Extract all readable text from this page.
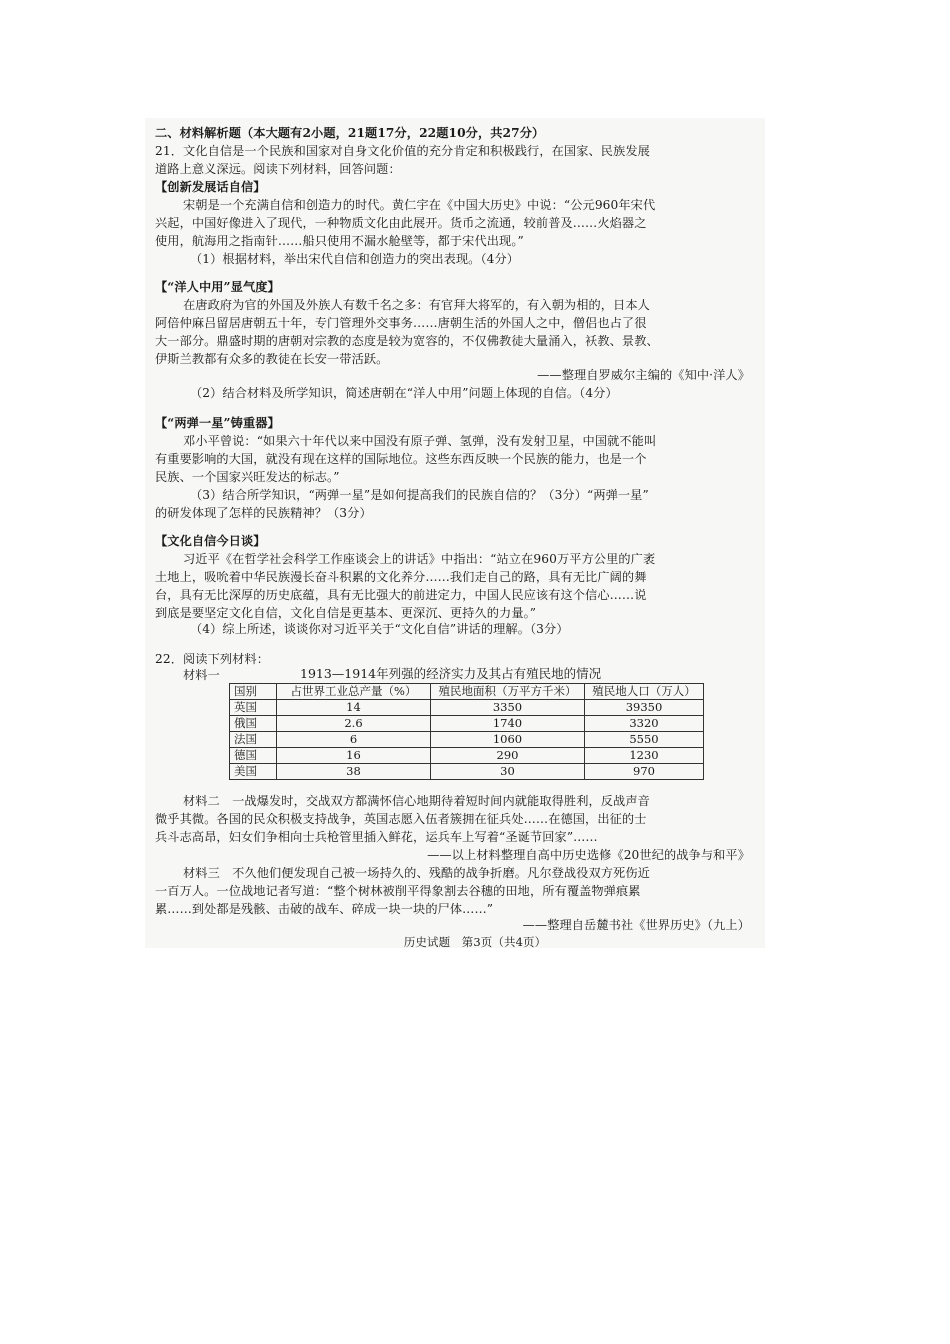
二、材料解析题（本大题有2小题，21题17分，22题10分，共27分）
21．文化自信是一个民族和国家对自身文化价值的充分肯定和积极践行，在国家、民族发展
道路上意义深远。阅读下列材料，回答问题：
【创新发展话自信】
宋朝是一个充满自信和创造力的时代。黄仁宇在《中国大历史》中说：“公元960年宋代
兴起，中国好像进入了现代，一种物质文化由此展开。货币之流通，较前普及……火焰器之
使用，航海用之指南针……船只使用不漏水舱壁等，都于宋代出现。”
（1）根据材料，举出宋代自信和创造力的突出表现。（4分）
【“洋人中用”显气度】
在唐政府为官的外国及外族人有数千名之多：有官拜大将军的，有入朝为相的，日本人
阿倍仲麻吕留居唐朝五十年，专门管理外交事务……唐朝生活的外国人之中，僧侣也占了很
大一部分。鼎盛时期的唐朝对宗教的态度是较为宽容的，不仅佛教徒大量涌入，袄教、景教、
伊斯兰教都有众多的教徒在长安一带活跃。
——整理自罗威尔主编的《知中·洋人》
（2）结合材料及所学知识，简述唐朝在“洋人中用”问题上体现的自信。（4分）
【“两弹一星”铸重器】
邓小平曾说：“如果六十年代以来中国没有原子弹、氢弹，没有发射卫星，中国就不能叫
有重要影响的大国，就没有现在这样的国际地位。这些东西反映一个民族的能力，也是一个
民族、一个国家兴旺发达的标志。”
（3）结合所学知识，“两弹一星”是如何提高我们的民族自信的？（3分）“两弹一星”
的研发体现了怎样的民族精神？（3分）
【文化自信今日谈】
习近平《在哲学社会科学工作座谈会上的讲话》中指出：“站立在960万平方公里的广袤
土地上，吸吮着中华民族漫长奋斗积累的文化养分……我们走自己的路，具有无比广阔的舞
台，具有无比深厚的历史底蕴，具有无比强大的前进定力，中国人民应该有这个信心……说
到底是要坚定文化自信，文化自信是更基本、更深沉、更持久的力量。”
（4）综上所述，谈谈你对习近平关于“文化自信”讲话的理解。（3分）
22．阅读下列材料：
材料一	1913—1914年列强的经济实力及其占有殖民地的情况
国别	占世界工业总产量（%）	殖民地面积（万平方千米）	殖民地人口（万人）
英国	14	3350	39350
俄国	2.6	1740	3320
法国	6	1060	5550
德国	16	290	1230
美国	38	30	970
材料二　一战爆发时，交战双方都满怀信心地期待着短时间内就能取得胜利，反战声音
微乎其微。各国的民众积极支持战争，英国志愿入伍者簇拥在征兵处……在德国，出征的士
兵斗志高昂，妇女们争相向士兵枪管里插入鲜花，运兵车上写着“圣诞节回家”……
——以上材料整理自高中历史选修《20世纪的战争与和平》
材料三　不久他们便发现自己被一场持久的、残酷的战争折磨。凡尔登战役双方死伤近
一百万人。一位战地记者写道：“整个树林被削平得象割去谷穗的田地，所有覆盖物弹痕累
累……到处都是残骸、击破的战车、碎成一块一块的尸体……”
——整理自岳麓书社《世界历史》（九上）
历史试题　第3页（共4页）
